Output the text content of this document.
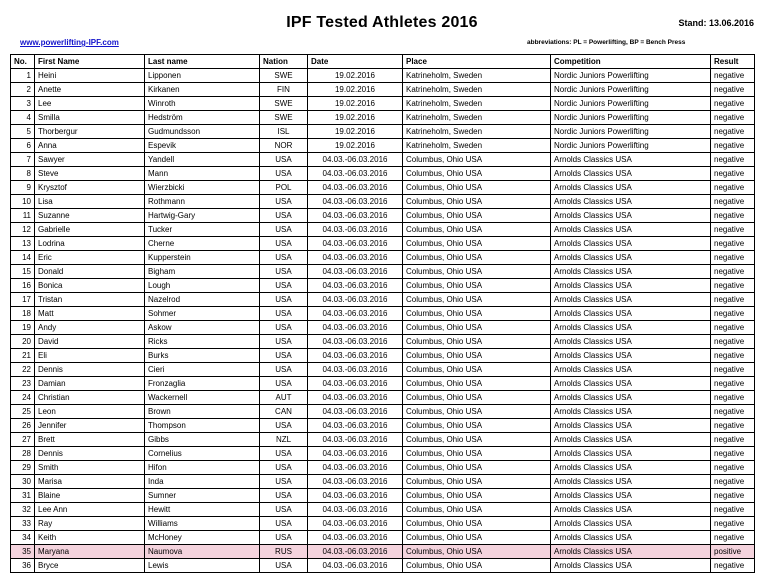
IPF Tested Athletes 2016	Stand: 13.06.2016
www.powerlifting-IPF.com	abbreviations: PL = Powerlifting, BP = Bench Press
No.	First Name	Last name	Nation	Date	Place	Competition	Result
1	Heini	Lipponen	SWE	19.02.2016	Katrineholm, Sweden	Nordic Juniors Powerlifting	negative
2	Anette	Kirkanen	FIN	19.02.2016	Katrineholm, Sweden	Nordic Juniors Powerlifting	negative
3	Lee	Winroth	SWE	19.02.2016	Katrineholm, Sweden	Nordic Juniors Powerlifting	negative
4	Smilla	Hedström	SWE	19.02.2016	Katrineholm, Sweden	Nordic Juniors Powerlifting	negative
5	Thorbergur	Gudmundsson	ISL	19.02.2016	Katrineholm, Sweden	Nordic Juniors Powerlifting	negative
6	Anna	Espevik	NOR	19.02.2016	Katrineholm, Sweden	Nordic Juniors Powerlifting	negative
7	Sawyer	Yandell	USA	04.03.-06.03.2016	Columbus, Ohio USA	Arnolds Classics USA	negative
8	Steve	Mann	USA	04.03.-06.03.2016	Columbus, Ohio USA	Arnolds Classics USA	negative
9	Krysztof	Wierzbicki	POL	04.03.-06.03.2016	Columbus, Ohio USA	Arnolds Classics USA	negative
10	Lisa	Rothmann	USA	04.03.-06.03.2016	Columbus, Ohio USA	Arnolds Classics USA	negative
11	Suzanne	Hartwig-Gary	USA	04.03.-06.03.2016	Columbus, Ohio USA	Arnolds Classics USA	negative
12	Gabrielle	Tucker	USA	04.03.-06.03.2016	Columbus, Ohio USA	Arnolds Classics USA	negative
13	Lodrina	Cherne	USA	04.03.-06.03.2016	Columbus, Ohio USA	Arnolds Classics USA	negative
14	Eric	Kupperstein	USA	04.03.-06.03.2016	Columbus, Ohio USA	Arnolds Classics USA	negative
15	Donald	Bigham	USA	04.03.-06.03.2016	Columbus, Ohio USA	Arnolds Classics USA	negative
16	Bonica	Lough	USA	04.03.-06.03.2016	Columbus, Ohio USA	Arnolds Classics USA	negative
17	Tristan	Nazelrod	USA	04.03.-06.03.2016	Columbus, Ohio USA	Arnolds Classics USA	negative
18	Matt	Sohmer	USA	04.03.-06.03.2016	Columbus, Ohio USA	Arnolds Classics USA	negative
19	Andy	Askow	USA	04.03.-06.03.2016	Columbus, Ohio USA	Arnolds Classics USA	negative
20	David	Ricks	USA	04.03.-06.03.2016	Columbus, Ohio USA	Arnolds Classics USA	negative
21	Eli	Burks	USA	04.03.-06.03.2016	Columbus, Ohio USA	Arnolds Classics USA	negative
22	Dennis	Cieri	USA	04.03.-06.03.2016	Columbus, Ohio USA	Arnolds Classics USA	negative
23	Damian	Fronzaglia	USA	04.03.-06.03.2016	Columbus, Ohio USA	Arnolds Classics USA	negative
24	Christian	Wackernell	AUT	04.03.-06.03.2016	Columbus, Ohio USA	Arnolds Classics USA	negative
25	Leon	Brown	CAN	04.03.-06.03.2016	Columbus, Ohio USA	Arnolds Classics USA	negative
26	Jennifer	Thompson	USA	04.03.-06.03.2016	Columbus, Ohio USA	Arnolds Classics USA	negative
27	Brett	Gibbs	NZL	04.03.-06.03.2016	Columbus, Ohio USA	Arnolds Classics USA	negative
28	Dennis	Cornelius	USA	04.03.-06.03.2016	Columbus, Ohio USA	Arnolds Classics USA	negative
29	Smith	Hifon	USA	04.03.-06.03.2016	Columbus, Ohio USA	Arnolds Classics USA	negative
30	Marisa	Inda	USA	04.03.-06.03.2016	Columbus, Ohio USA	Arnolds Classics USA	negative
31	Blaine	Sumner	USA	04.03.-06.03.2016	Columbus, Ohio USA	Arnolds Classics USA	negative
32	Lee Ann	Hewitt	USA	04.03.-06.03.2016	Columbus, Ohio USA	Arnolds Classics USA	negative
33	Ray	Williams	USA	04.03.-06.03.2016	Columbus, Ohio USA	Arnolds Classics USA	negative
34	Keith	McHoney	USA	04.03.-06.03.2016	Columbus, Ohio USA	Arnolds Classics USA	negative
35	Maryana	Naumova	RUS	04.03.-06.03.2016	Columbus, Ohio USA	Arnolds Classics USA	positive
36	Bryce	Lewis	USA	04.03.-06.03.2016	Columbus, Ohio USA	Arnolds Classics USA	negative
